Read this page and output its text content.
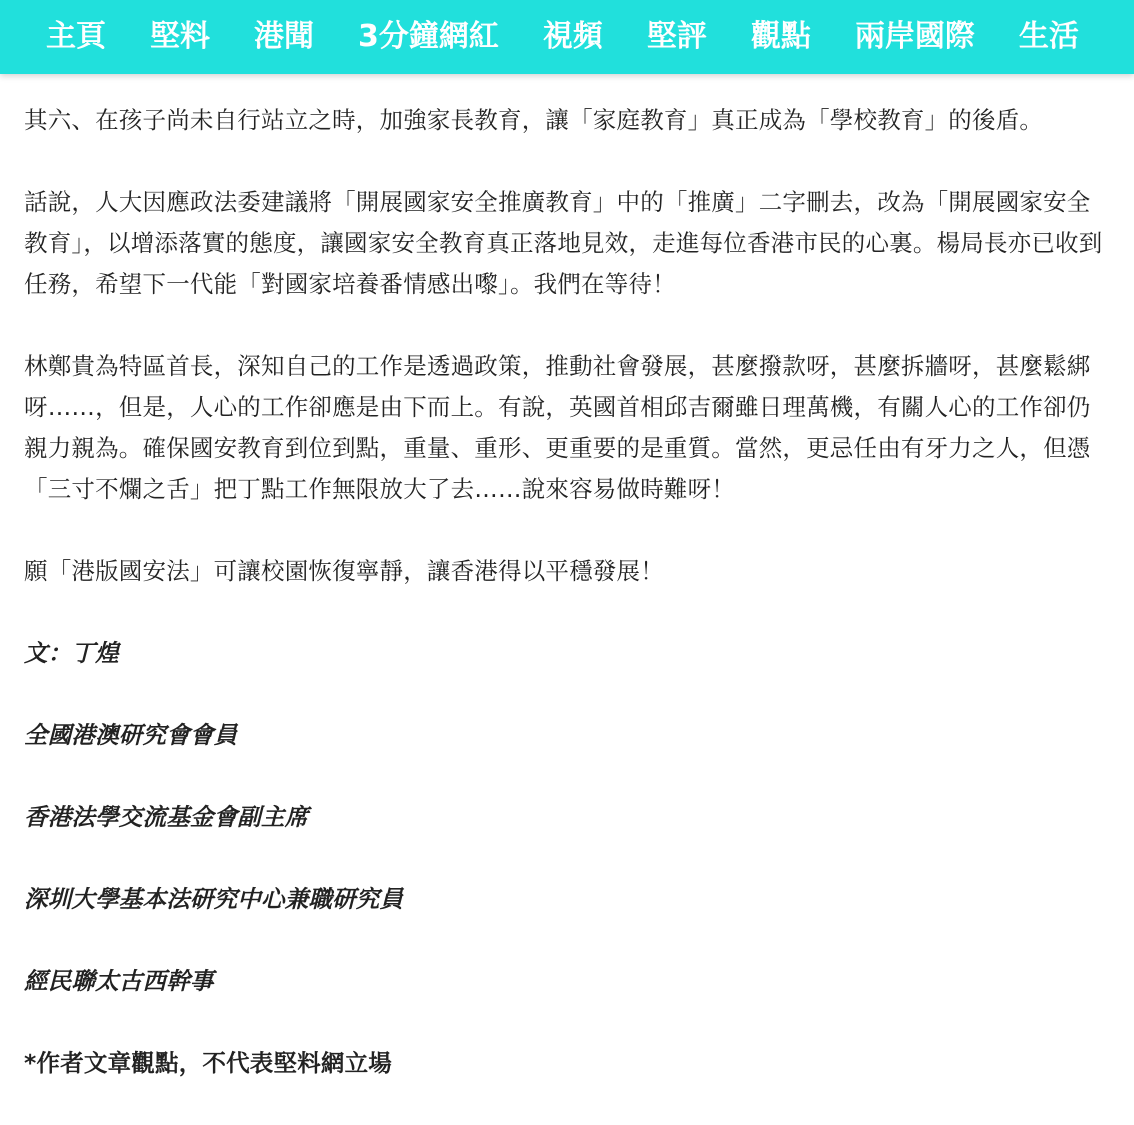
主頁	堅料	港聞	3分鐘網紅	視頻	堅評	觀點	兩岸國際	生活

其六、在孩子尚未自行站立之時，加強家長教育，讓「家庭教育」真正成為「學校教育」的後盾。

話說，人大因應政法委建議將「開展國家安全推廣教育」中的「推廣」二字刪去，改為「開展國家安全教育」，以增添落實的態度，讓國家安全教育真正落地見效，走進每位香港市民的心裏。楊局長亦已收到任務，希望下一代能「對國家培養番情感出嚟」。我們在等待！

林鄭貴為特區首長，深知自己的工作是透過政策，推動社會發展，甚麼撥款呀，甚麼拆牆呀，甚麼鬆綁呀……，但是，人心的工作卻應是由下而上。有說，英國首相邱吉爾雖日理萬機，有關人心的工作卻仍親力親為。確保國安教育到位到點，重量、重形、更重要的是重質。當然，更忌任由有牙力之人，但憑「三寸不爛之舌」把丁點工作無限放大了去……說來容易做時難呀！

願「港版國安法」可讓校園恢復寧靜，讓香港得以平穩發展！

文：丁煌

全國港澳研究會會員

香港法學交流基金會副主席

深圳大學基本法研究中心兼職研究員

經民聯太古西幹事

*作者文章觀點，不代表堅料網立場
